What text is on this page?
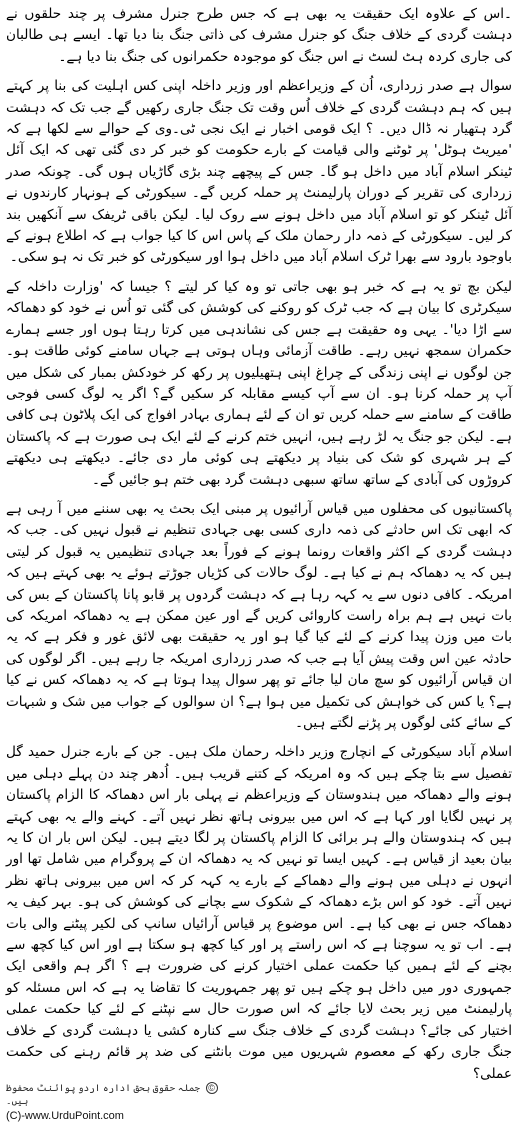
۔اس کے علاوہ ایک حقیقت یہ بھی ہے کہ جس طرح جنرل مشرف پر چند حلقوں نے دہشت گردی کے خلاف جنگ کو جنرل مشرف کی ذاتی جنگ بنا دیا تھا۔ ایسے ہی طالبان کی جاری کردہ ہٹ لسٹ نے اس جنگ کو موجودہ حکمرانوں کی جنگ بنا دیا ہے۔

سوال ہے صدر زرداری، اُن کے وزیراعظم اور وزیر داخلہ اپنی کس اہلیت کی بنا پر کہتے ہیں کہ ہم دہشت گردی کے خلاف اُس وقت تک جنگ جاری رکھیں گے جب تک کہ دہشت گرد ہتھیار نہ ڈال دیں۔ ؟ ایک قومی اخبار نے ایک نجی ٹی۔وی کے حوالے سے لکھا ہے کہ 'میریٹ ہوٹل' پر ٹوٹنے والی قیامت کے بارے حکومت کو خبر کر دی گئی تھی کہ ایک آئل ٹینکر اسلام آباد میں داخل ہو گا۔ جس کے پیچھے چند بڑی گاڑیاں ہوں گی۔ چونکہ صدر زرداری کی تقریر کے دوران پارلیمنٹ پر حملہ کریں گے۔ سیکورٹی کے ہونہار کارندوں نے آئل ٹینکر کو تو اسلام آباد میں داخل ہونے سے روک لیا۔ لیکن باقی ٹریفک سے آنکھیں بند کر لیں۔ سیکورٹی کے ذمہ دار رحمان ملک کے پاس اس کا کیا جواب ہے کہ اطلاع ہونے کے باوجود بارود سے بھرا ٹرک اسلام آباد میں داخل ہوا اور سیکورٹی کو خبر تک نہ ہو سکی۔

لیکن بچ تو یہ ہے کہ خبر ہو بھی جاتی تو وہ کیا کر لیتے ؟ جیسا کہ 'وزارت داخلہ کے سیکرٹری کا بیان ہے کہ جب ٹرک کو روکنے کی کوشش کی گئی تو اُس نے خود کو دھماکہ سے اڑا دیا'۔ یہی وہ حقیقت ہے جس کی نشاندہی میں کرتا رہتا ہوں اور جسے ہمارے حکمران سمجھ نہیں رہے۔ طاقت آزمائی وہاں ہوتی ہے جہاں سامنے کوئی طاقت ہو۔ جن لوگوں نے اپنی زندگی کے چراغ اپنی ہتھیلیوں پر رکھ کر خودکش بمبار کی شکل میں آپ پر حملہ کرنا ہو۔ ان سے آپ کیسے مقابلہ کر سکیں گے؟ اگر یہ لوگ کسی فوجی طاقت کے سامنے سے حملہ کریں تو ان کے لئے ہماری بہادر افواج کی ایک پلاٹون ہی کافی ہے۔ لیکن جو جنگ یہ لڑ رہے ہیں، انہیں ختم کرنے کے لئے ایک ہی صورت ہے کہ پاکستان کے ہر شہری کو شک کی بنیاد پر دیکھتے ہی کوئی مار دی جائے۔ دیکھتے ہی دیکھتے کروڑوں کی آبادی کے ساتھ ساتھ سبھی دہشت گرد بھی ختم ہو جائیں گے۔

پاکستانیوں کی محفلوں میں قیاس آرائیوں پر مبنی ایک بحث یہ بھی سننے میں آ رہی ہے کہ ابھی تک اس حادثے کی ذمہ داری کسی بھی جہادی تنظیم نے قبول نہیں کی۔ جب کہ دہشت گردی کے اکثر واقعات رونما ہونے کے فوراً بعد جہادی تنظیمیں یہ قبول کر لیتی ہیں کہ یہ دھماکہ ہم نے کیا ہے۔ لوگ حالات کی کڑیاں جوڑتے ہوئے یہ بھی کہتے ہیں کہ امریکہ۔ کافی دنوں سے یہ کہہ رہا ہے کہ دہشت گردوں پر قابو پانا پاکستان کے بس کی بات نہیں ہے ہم براہ راست کاروائی کریں گے اور عین ممکن ہے یہ دھماکہ امریکہ کی بات میں وزن پیدا کرنے کے لئے کیا گیا ہو اور یہ حقیقت بھی لائق غور و فکر ہے کہ یہ حادثہ عین اس وقت پیش آیا ہے جب کہ صدر زرداری امریکہ جا رہے ہیں۔ اگر لوگوں کی ان قیاس آرائیوں کو سچ مان لیا جائے تو پھر سوال پیدا ہوتا ہے کہ یہ دھماکہ کس نے کیا ہے؟ یا کس کی خواہش کی تکمیل میں ہوا ہے؟ ان سوالوں کے جواب میں شک و شبہات کے سائے کئی لوگوں پر پڑنے لگتے ہیں۔

اسلام آباد سیکورٹی کے انچارج وزیر داخلہ رحمان ملک ہیں۔ جن کے بارے جنرل حمید گل تفصیل سے بتا چکے ہیں کہ وہ امریکہ کے کتنے قریب ہیں۔ اُدھر چند دن پہلے دہلی میں ہونے والے دھماکہ میں ہندوستان کے وزیراعظم نے پہلی بار اس دھماکہ کا الزام پاکستان پر نہیں لگایا اور کہا ہے کہ اس میں بیرونی ہاتھ نظر نہیں آتے۔ کہنے والے یہ بھی کہتے ہیں کہ ہندوستان والے ہر برائی کا الزام پاکستان پر لگا دیتے ہیں۔ لیکن اس بار ان کا یہ بیان بعید از قیاس ہے۔ کہیں ایسا تو نہیں کہ یہ دھماکہ ان کے پروگرام میں شامل تھا اور انہوں نے دہلی میں ہونے والے دھماکے کے بارے یہ کہہ کر کہ اس میں بیرونی ہاتھ نظر نہیں آتے۔ خود کو اس بڑے دھماکہ کے شکوک سے بچانے کی کوشش کی ہو۔ بہر کیف یہ دھماکہ جس نے بھی کیا ہے۔ اس موضوع پر قیاس آرائیاں سانپ کی لکیر پیٹنے والی بات ہے۔ اب تو یہ سوچنا ہے کہ اس راستے پر اور کیا کچھ ہو سکتا ہے اور اس کیا کچھ سے بچنے کے لئے ہمیں کیا حکمت عملی اختیار کرنے کی ضرورت ہے ؟ اگر ہم واقعی ایک جمہوری دور میں داخل ہو چکے ہیں تو پھر جمہوریت کا تقاضا یہ ہے کہ اس مسئلہ کو پارلیمنٹ میں زیر بحث لایا جائے کہ اس صورت حال سے نپٹنے کے لئے کیا حکمت عملی اختیار کی جائے؟ دہشت گردی کے خلاف جنگ سے کنارہ کشی یا دہشت گردی کے خلاف جنگ جاری رکھ کے معصوم شہریوں میں موت بانٹنے کی ضد پر قائم رہنے کی حکمت عملی؟

© جملہ حقوق بحق ادارہ اردو پوائنٹ محفوظ ہیں۔
(C)-www.UrduPoint.com
